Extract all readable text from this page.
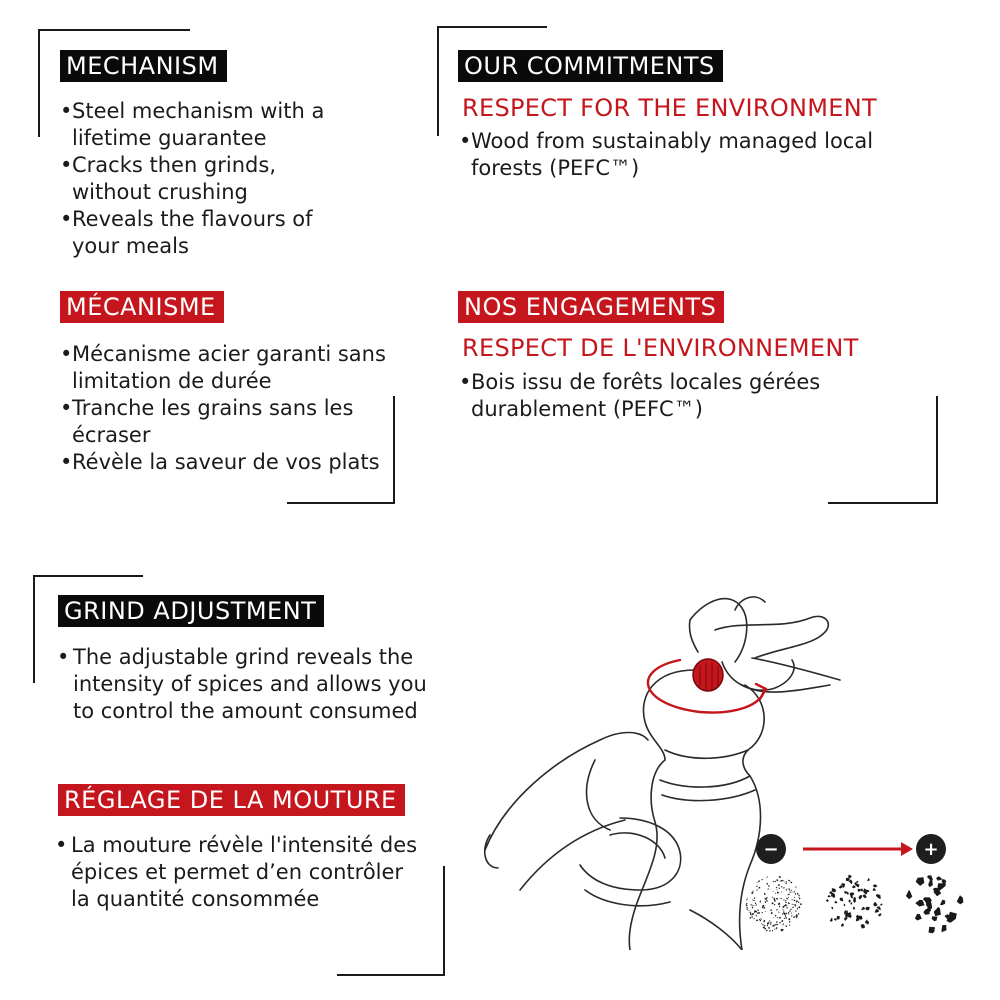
MECHANISM
• Steel mechanism with a lifetime guarantee
• Cracks then grinds, without crushing
• Reveals the flavours of your meals
MÉCANISME
• Mécanisme acier garanti sans limitation de durée
• Tranche les grains sans les écraser
• Révèle la saveur de vos plats
OUR COMMITMENTS
RESPECT FOR THE ENVIRONMENT
• Wood from sustainably managed local forests (PEFC™)
NOS ENGAGEMENTS
RESPECT DE L'ENVIRONNEMENT
• Bois issu de forêts locales gérées durablement (PEFC™)
GRIND ADJUSTMENT
• The adjustable grind reveals the intensity of spices and allows you to control the amount consumed
RÉGLAGE DE LA MOUTURE
• La mouture révèle l'intensité des épices et permet d’en contrôler la quantité consommée
−	+
